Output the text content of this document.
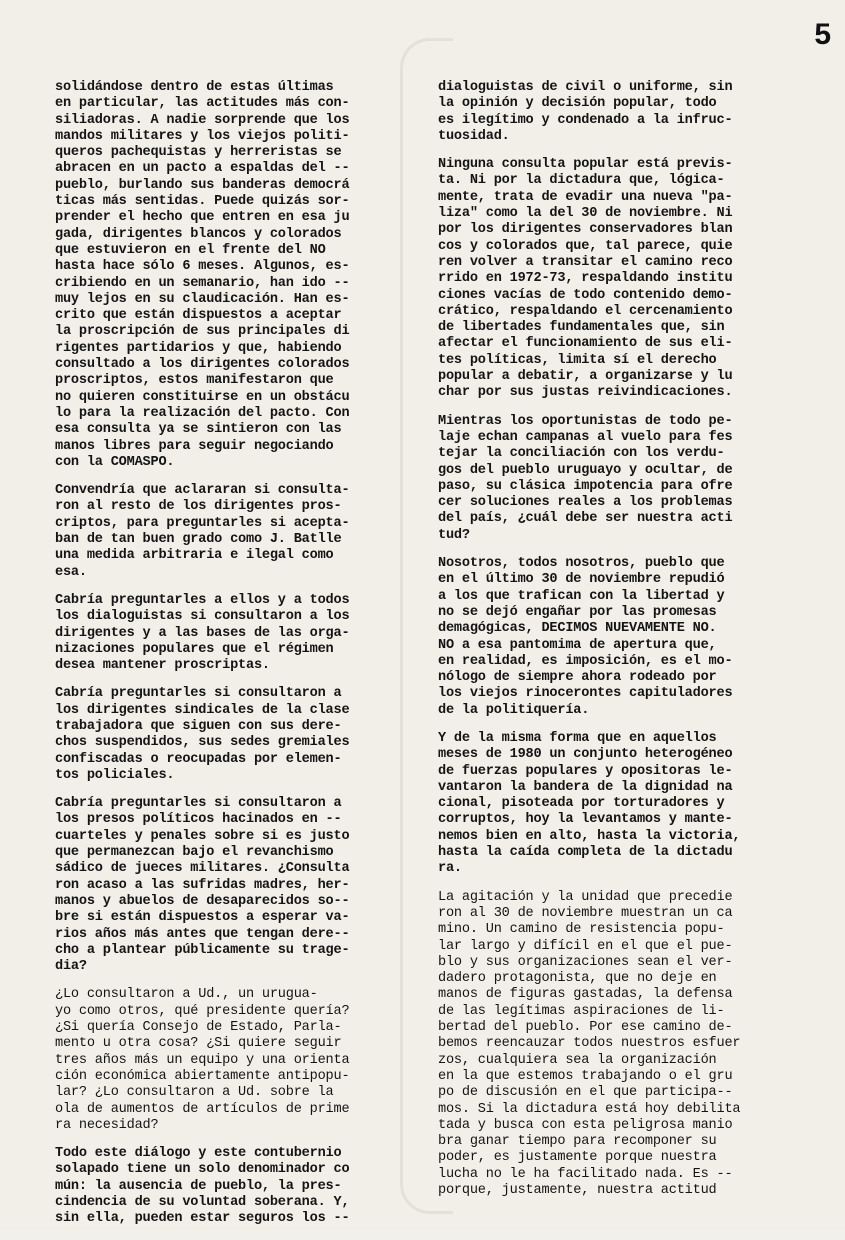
5

solidándose dentro de estas últimas
en particular, las actitudes más con-
siliadoras. A nadie sorprende que los
mandos militares y los viejos politi-
queros pachequistas y herreristas se
abracen en un pacto a espaldas del --
pueblo, burlando sus banderas democrá
ticas más sentidas. Puede quizás sor-
prender el hecho que entren en esa ju
gada, dirigentes blancos y colorados
que estuvieron en el frente del NO
hasta hace sólo 6 meses. Algunos, es-
cribiendo en un semanario, han ido --
muy lejos en su claudicación. Han es-
crito que están dispuestos a aceptar
la proscripción de sus principales di
rigentes partidarios y que, habiendo
consultado a los dirigentes colorados
proscriptos, estos manifestaron que
no quieren constituirse en un obstácu
lo para la realización del pacto. Con
esa consulta ya se sintieron con las
manos libres para seguir negociando
con la COMASPO.

Convendría que aclararan si consulta-
ron al resto de los dirigentes pros-
criptos, para preguntarles si acepta-
ban de tan buen grado como J. Batlle
una medida arbitraria e ilegal como
esa.

Cabría preguntarles a ellos y a todos
los dialoguistas si consultaron a los
dirigentes y a las bases de las orga-
nizaciones populares que el régimen
desea mantener proscriptas.

Cabría preguntarles si consultaron a
los dirigentes sindicales de la clase
trabajadora que siguen con sus dere-
chos suspendidos, sus sedes gremiales
confiscadas o reocupadas por elemen-
tos policiales.

Cabría preguntarles si consultaron a
los presos políticos hacinados en --
cuarteles y penales sobre si es justo
que permanezcan bajo el revanchismo
sádico de jueces militares. ¿Consulta
ron acaso a las sufridas madres, her-
manos y abuelos de desaparecidos so--
bre si están dispuestos a esperar va-
rios años más antes que tengan dere--
cho a plantear públicamente su trage-
dia?

¿Lo consultaron a Ud., un urugua-
yo como otros, qué presidente quería?
¿Si quería Consejo de Estado, Parla-
mento u otra cosa? ¿Si quiere seguir
tres años más un equipo y una orienta
ción económica abiertamente antipopu-
lar? ¿Lo consultaron a Ud. sobre la
ola de aumentos de artículos de prime
ra necesidad?

Todo este diálogo y este contubernio
solapado tiene un solo denominador co
mún: la ausencia de pueblo, la pres-
cindencia de su voluntad soberana. Y,
sin ella, pueden estar seguros los --

dialoguistas de civil o uniforme, sin
la opinión y decisión popular, todo
es ilegítimo y condenado a la infruc-
tuosidad.

Ninguna consulta popular está previs-
ta. Ni por la dictadura que, lógica-
mente, trata de evadir una nueva "pa-
liza" como la del 30 de noviembre. Ni
por los dirigentes conservadores blan
cos y colorados que, tal parece, quie
ren volver a transitar el camino reco
rrido en 1972-73, respaldando institu
ciones vacías de todo contenido demo-
crático, respaldando el cercenamiento
de libertades fundamentales que, sin
afectar el funcionamiento de sus eli-
tes políticas, limita sí el derecho
popular a debatir, a organizarse y lu
char por sus justas reivindicaciones.

Mientras los oportunistas de todo pe-
laje echan campanas al vuelo para fes
tejar la conciliación con los verdu-
gos del pueblo uruguayo y ocultar, de
paso, su clásica impotencia para ofre
cer soluciones reales a los problemas
del país, ¿cuál debe ser nuestra acti
tud?

Nosotros, todos nosotros, pueblo que
en el último 30 de noviembre repudió
a los que trafican con la libertad y
no se dejó engañar por las promesas
demagógicas, DECIMOS NUEVAMENTE NO.
NO a esa pantomima de apertura que,
en realidad, es imposición, es el mo-
nólogo de siempre ahora rodeado por
los viejos rinocerontes capituladores
de la politiquería.

Y de la misma forma que en aquellos
meses de 1980 un conjunto heterogéneo
de fuerzas populares y opositoras le-
vantaron la bandera de la dignidad na
cional, pisoteada por torturadores y
corruptos, hoy la levantamos y mante-
nemos bien en alto, hasta la victoria,
hasta la caída completa de la dictadu
ra.

La agitación y la unidad que precedie
ron al 30 de noviembre muestran un ca
mino. Un camino de resistencia popu-
lar largo y difícil en el que el pue-
blo y sus organizaciones sean el ver-
dadero protagonista, que no deje en
manos de figuras gastadas, la defensa
de las legítimas aspiraciones de li-
bertad del pueblo. Por ese camino de-
bemos reencauzar todos nuestros esfuer
zos, cualquiera sea la organización
en la que estemos trabajando o el gru
po de discusión en el que participa--
mos. Si la dictadura está hoy debilita
tada y busca con esta peligrosa manio
bra ganar tiempo para recomponer su
poder, es justamente porque nuestra
lucha no le ha facilitado nada. Es --
porque, justamente, nuestra actitud
